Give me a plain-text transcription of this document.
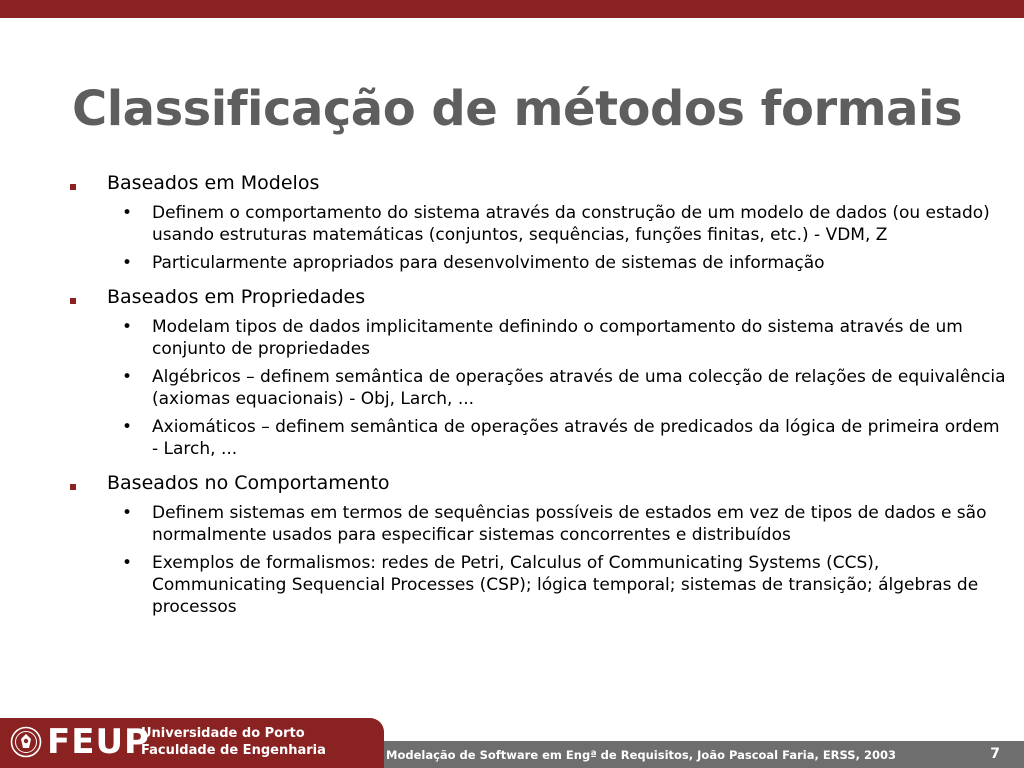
Classificação de métodos formais
Baseados em Modelos
• Definem o comportamento do sistema através da construção de um modelo de dados (ou estado) usando estruturas matemáticas (conjuntos, sequências, funções finitas, etc.) - VDM, Z
• Particularmente apropriados para desenvolvimento de sistemas de informação
Baseados em Propriedades
• Modelam tipos de dados implicitamente definindo o comportamento do sistema através de um conjunto de propriedades
• Algébricos – definem semântica de operações através de uma colecção de relações de equivalência (axiomas equacionais) - Obj, Larch, ...
• Axiomáticos – definem semântica de operações através de predicados da lógica de primeira ordem - Larch, ...
Baseados no Comportamento
• Definem sistemas em termos de sequências possíveis de estados em vez de tipos de dados e são normalmente usados para especificar sistemas concorrentes e distribuídos
• Exemplos de formalismos: redes de Petri, Calculus of Communicating Systems (CCS), Communicating Sequencial Processes (CSP); lógica temporal; sistemas de transição; álgebras de processos
FEUP
Universidade do Porto
Faculdade de Engenharia	Modelação de Software em Engª de Requisitos, João Pascoal Faria, ERSS, 2003	7
